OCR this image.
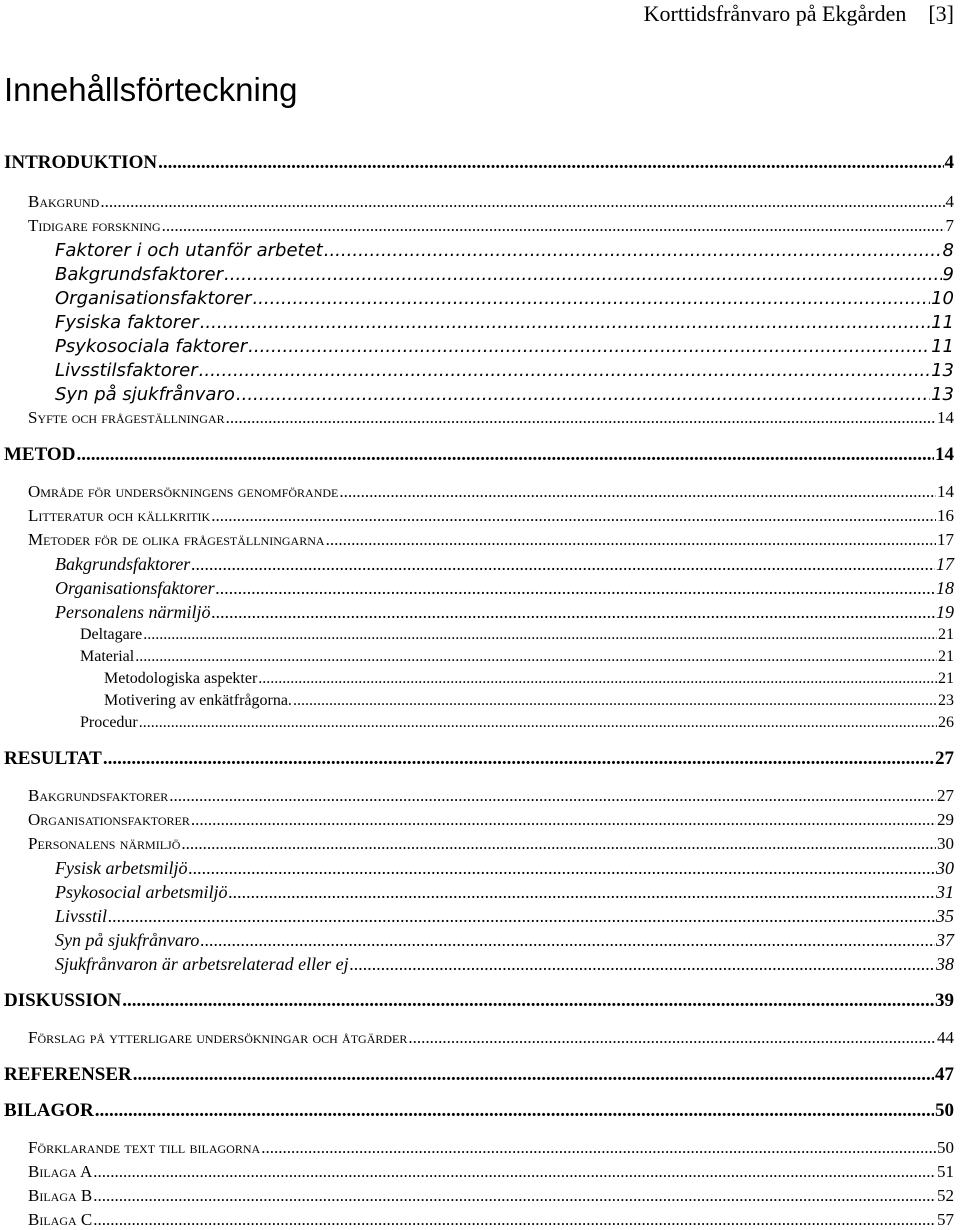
Korttidsfrånvaro på Ekgården [3]
Innehållsförteckning
INTRODUKTION .....	4
Bakgrund .....	4
Tidigare forskning .....	7
Faktorer i och utanför arbetet .....	8
Bakgrundsfaktorer .....	9
Organisationsfaktorer .....	10
Fysiska faktorer .....	11
Psykosociala faktorer .....	11
Livsstilsfaktorer .....	13
Syn på sjukfrånvaro .....	13
Syfte och frågeställningar .....	14
METOD .....	14
Område för undersökningens genomförande .....	14
Litteratur och källkritik .....	16
Metoder för de olika frågeställningarna .....	17
Bakgrundsfaktorer .....	17
Organisationsfaktorer .....	18
Personalens närmiljö .....	19
Deltagare .....	21
Material .....	21
Metodologiska aspekter .....	21
Motivering av enkätfrågorna. .....	23
Procedur .....	26
RESULTAT .....	27
Bakgrundsfaktorer .....	27
Organisationsfaktorer .....	29
Personalens närmiljö .....	30
Fysisk arbetsmiljö .....	30
Psykosocial arbetsmiljö .....	31
Livsstil .....	35
Syn på sjukfrånvaro .....	37
Sjukfrånvaron är arbetsrelaterad eller ej .....	38
DISKUSSION .....	39
Förslag på ytterligare undersökningar och åtgärder .....	44
REFERENSER .....	47
BILAGOR .....	50
Förklarande text till bilagorna .....	50
Bilaga A .....	51
Bilaga B .....	52
Bilaga C .....	57
